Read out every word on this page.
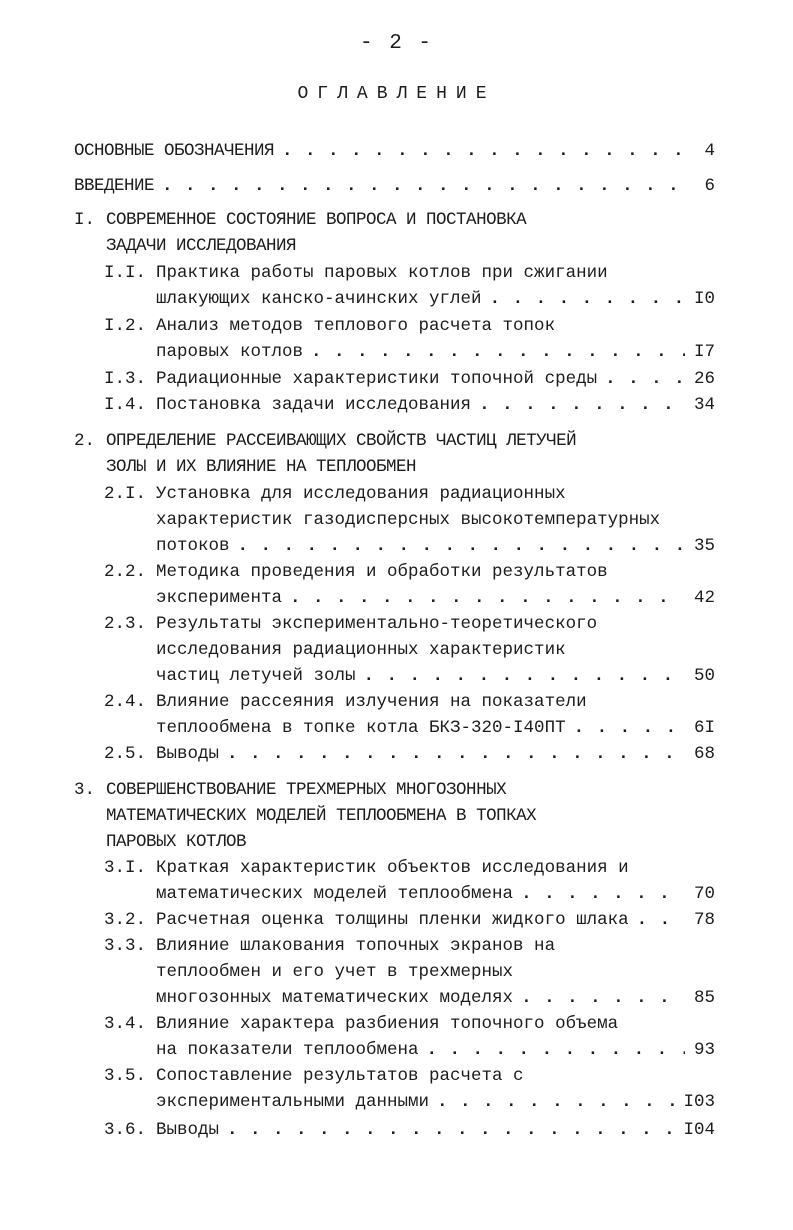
- 2 -
ОГЛАВЛЕНИЕ
ОСНОВНЫЕ ОБОЗНАЧЕНИЯ . . .	4
ВВЕДЕНИЕ . . .	6
I. СОВРЕМЕННОЕ СОСТОЯНИЕ ВОПРОСА И ПОСТАНОВКА
ЗАДАЧИ ИССЛЕДОВАНИЯ
I.I. Практика работы паровых котлов при сжигании
шлакующих канско-ачинских углей . . .	I0
I.2. Анализ методов теплового расчета топок
паровых котлов . . .	I7
I.3. Радиационные характеристики топочной среды . . .	26
I.4. Постановка задачи исследования . . .	34
2. ОПРЕДЕЛЕНИЕ РАССЕИВАЮЩИХ СВОЙСТВ ЧАСТИЦ ЛЕТУЧЕЙ
ЗОЛЫ И ИХ ВЛИЯНИЕ НА ТЕПЛООБМЕН
2.I. Установка для исследования радиационных
характеристик газодисперсных высокотемпературных
потоков . . .	35
2.2. Методика проведения и обработки результатов
эксперимента . . .	42
2.3. Результаты экспериментально-теоретического
исследования радиационных характеристик
частиц летучей золы . . .	50
2.4. Влияние рассеяния излучения на показатели
теплообмена в топке котла БКЗ-320-I40ПТ . . .	6I
2.5. Выводы . . .	68
3. СОВЕРШЕНСТВОВАНИЕ ТРЕХМЕРНЫХ МНОГОЗОННЫХ
МАТЕМАТИЧЕСКИХ МОДЕЛЕЙ ТЕПЛООБМЕНА В ТОПКАХ
ПАРОВЫХ КОТЛОВ
3.I. Краткая характеристик объектов исследования и
математических моделей теплообмена . . .	70
3.2. Расчетная оценка толщины пленки жидкого шлака . . .	78
3.3. Влияние шлакования топочных экранов на
теплообмен и его учет в трехмерных
многозонных математических моделях . . .	85
3.4. Влияние характера разбиения топочного объема
на показатели теплообмена . . .	93
3.5. Сопоставление результатов расчета с
экспериментальными данными . . .	I03
3.6. Выводы . . .	I04
